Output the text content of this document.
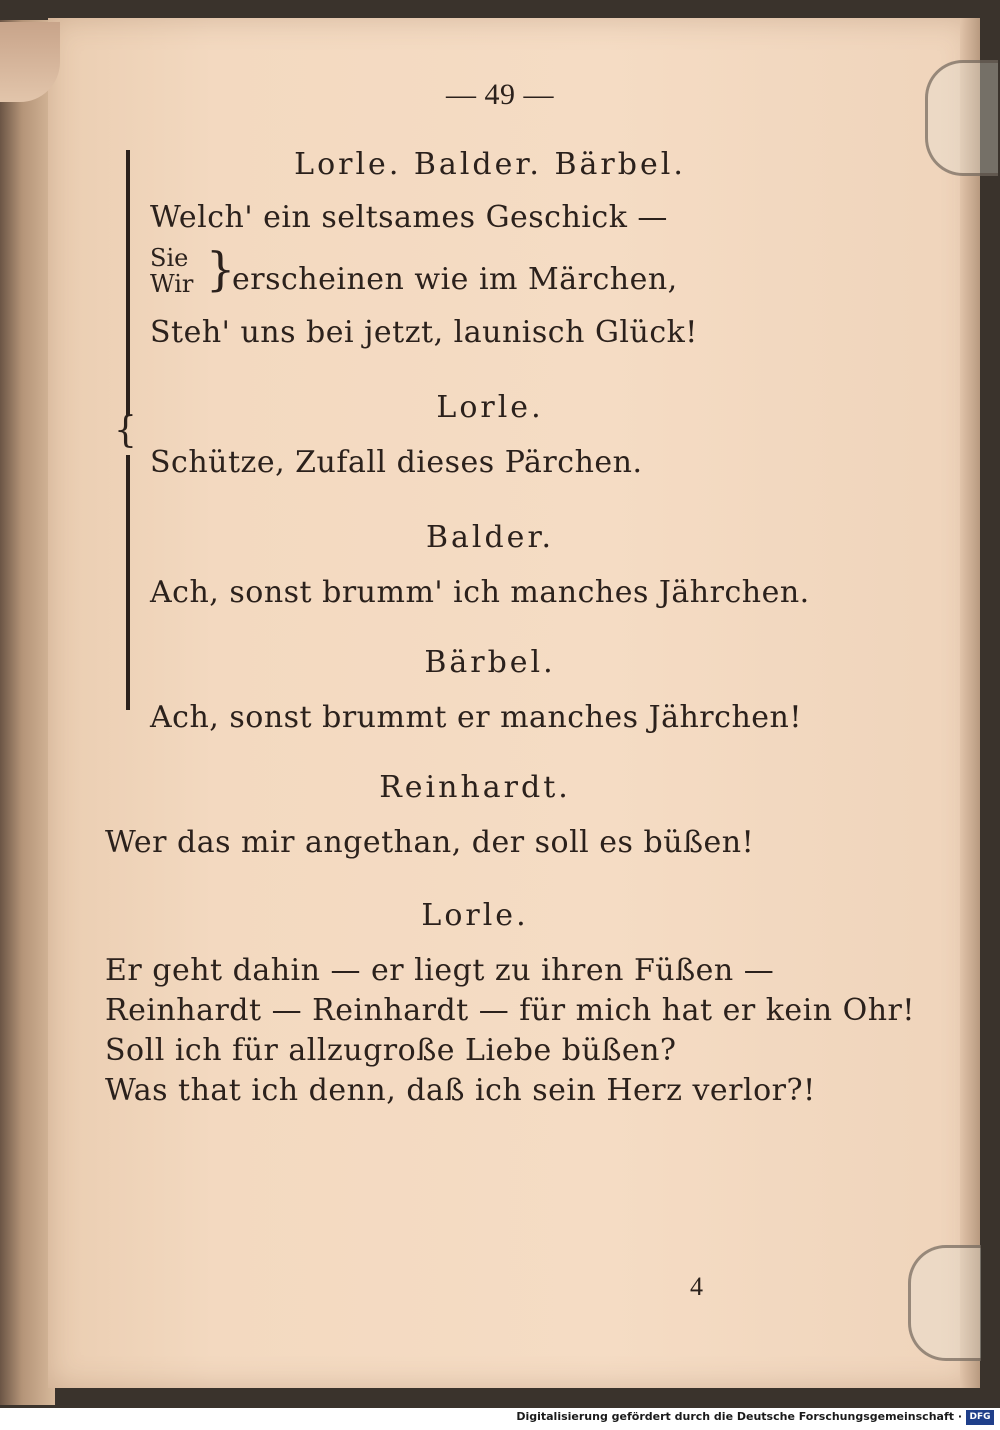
— 49 —
{
Lorle. Balder. Bärbel.
Welch' ein seltsames Geschick —
Sie
Wir }
erscheinen wie im Märchen,
Steh' uns bei jetzt, launisch Glück!
Lorle.
Schütze, Zufall dieses Pärchen.
Balder.
Ach, sonst brumm' ich manches Jährchen.
Bärbel.
Ach, sonst brummt er manches Jährchen!
Reinhardt.
Wer das mir angethan, der soll es büßen!
Lorle.
Er geht dahin — er liegt zu ihren Füßen —
Reinhardt — Reinhardt — für mich hat er kein Ohr!
Soll ich für allzugroße Liebe büßen?
Was that ich denn, daß ich sein Herz verlor?!
4
Digitalisierung gefördert durch die Deutsche Forschungsgemeinschaft · DFG
